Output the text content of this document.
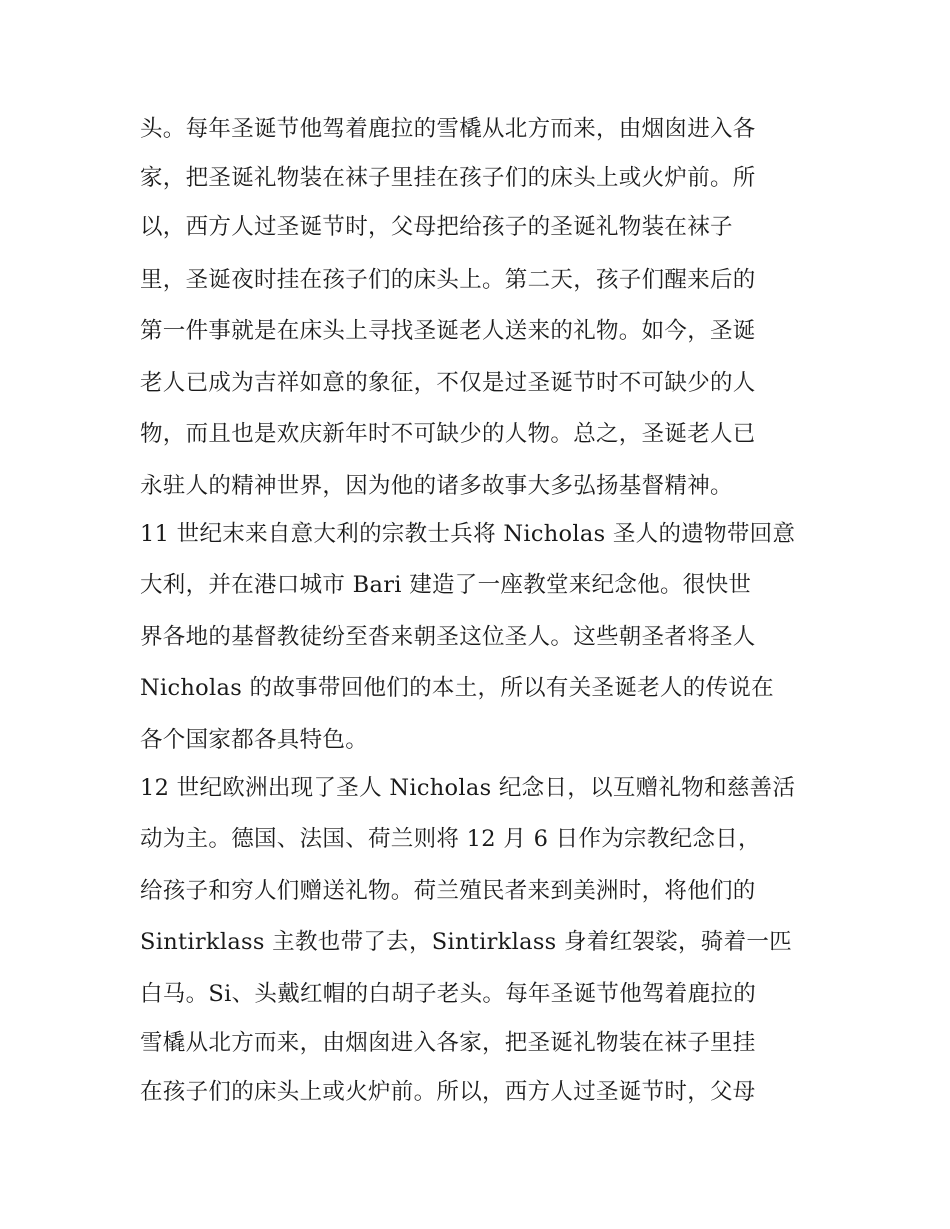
头。每年圣诞节他驾着鹿拉的雪橇从北方而来，由烟囱进入各
家，把圣诞礼物装在袜子里挂在孩子们的床头上或火炉前。所
以，西方人过圣诞节时，父母把给孩子的圣诞礼物装在袜子
里，圣诞夜时挂在孩子们的床头上。第二天，孩子们醒来后的
第一件事就是在床头上寻找圣诞老人送来的礼物。如今，圣诞
老人已成为吉祥如意的象征，不仅是过圣诞节时不可缺少的人
物，而且也是欢庆新年时不可缺少的人物。总之，圣诞老人已
永驻人的精神世界，因为他的诸多故事大多弘扬基督精神。
11 世纪末来自意大利的宗教士兵将 Nicholas 圣人的遗物带回意
大利，并在港口城市 Bari 建造了一座教堂来纪念他。很快世
界各地的基督教徒纷至沓来朝圣这位圣人。这些朝圣者将圣人
Nicholas 的故事带回他们的本土，所以有关圣诞老人的传说在
各个国家都各具特色。
12 世纪欧洲出现了圣人 Nicholas 纪念日，以互赠礼物和慈善活
动为主。德国、法国、荷兰则将 12 月 6 日作为宗教纪念日，
给孩子和穷人们赠送礼物。荷兰殖民者来到美洲时，将他们的
Sintirklass 主教也带了去，Sintirklass 身着红袈裟，骑着一匹
白马。Si、头戴红帽的白胡子老头。每年圣诞节他驾着鹿拉的
雪橇从北方而来，由烟囱进入各家，把圣诞礼物装在袜子里挂
在孩子们的床头上或火炉前。所以，西方人过圣诞节时，父母
